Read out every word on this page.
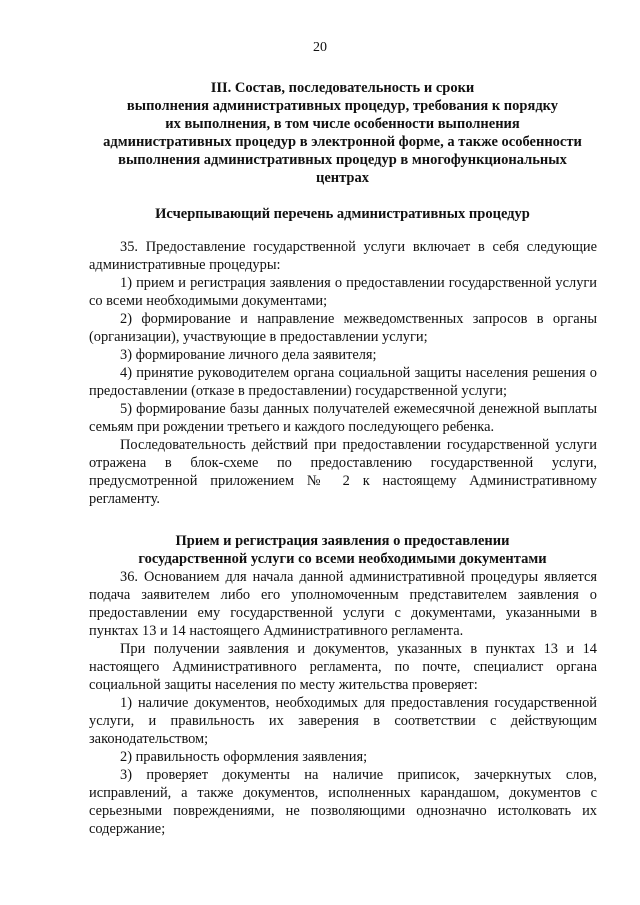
20
III. Состав, последовательность и сроки
выполнения административных процедур, требования к порядку
их выполнения, в том числе особенности выполнения
административных процедур в электронной форме, а также особенности
выполнения административных процедур в многофункциональных
центрах
Исчерпывающий перечень административных процедур

35. Предоставление государственной услуги включает в себя следующие административные процедуры:

1) прием и регистрация заявления о предоставлении государственной услуги со всеми необходимыми документами;

2) формирование и направление межведомственных запросов в органы (организации), участвующие в предоставлении услуги;

3) формирование личного дела заявителя;

4) принятие руководителем органа социальной защиты населения решения о предоставлении (отказе в предоставлении) государственной услуги;

5) формирование базы данных получателей ежемесячной денежной выплаты семьям при рождении третьего и каждого последующего ребенка.

Последовательность действий при предоставлении государственной услуги отражена в блок-схеме по предоставлению государственной услуги, предусмотренной приложением № 2 к настоящему Административному регламенту.

Прием и регистрация заявления о предоставлении
государственной услуги со всеми необходимыми документами

36. Основанием для начала данной административной процедуры является подача заявителем либо его уполномоченным представителем заявления о предоставлении ему государственной услуги с документами, указанными в пунктах 13 и 14 настоящего Административного регламента.

При получении заявления и документов, указанных в пунктах 13 и 14 настоящего Административного регламента, по почте, специалист органа социальной защиты населения по месту жительства проверяет:

1) наличие документов, необходимых для предоставления государственной услуги, и правильность их заверения в соответствии с действующим законодательством;

2) правильность оформления заявления;

3) проверяет документы на наличие приписок, зачеркнутых слов, исправлений, а также документов, исполненных карандашом, документов с серьезными повреждениями, не позволяющими однозначно истолковать их содержание;
